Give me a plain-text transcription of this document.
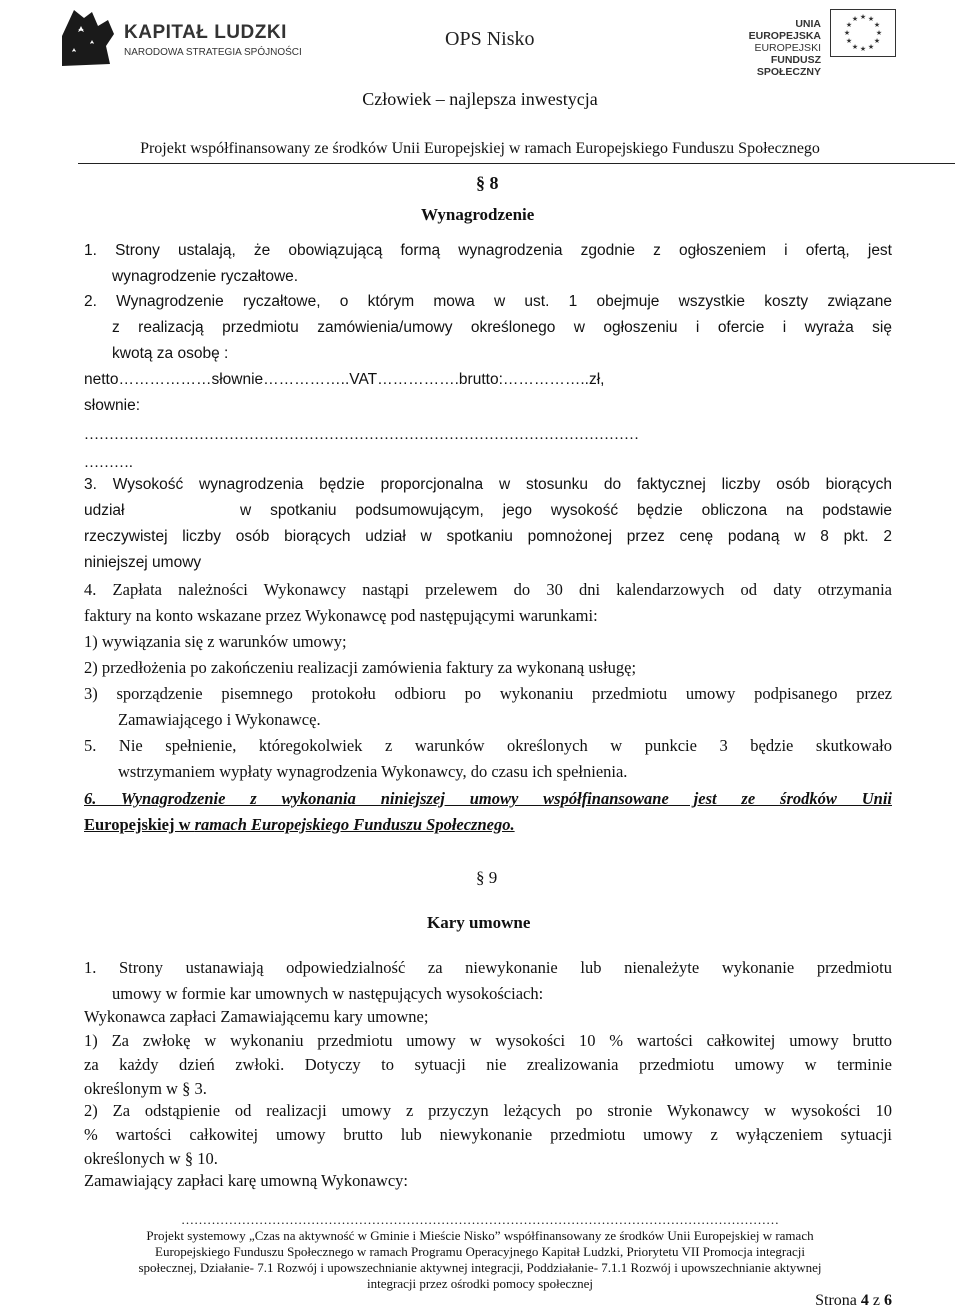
KAPITAŁ LUDZKI
NARODOWA STRATEGIA SPÓJNOŚCI
OPS Nisko
UNIA EUROPEJSKA
EUROPEJSKI
FUNDUSZ SPOŁECZNY
★ ★
★
★
★
★
★
★
★
★
★
★
Człowiek – najlepsza inwestycja
Projekt współfinansowany ze środków Unii Europejskiej w ramach Europejskiego Funduszu Społecznego
§ 8
Wynagrodzenie
1. Strony ustalają, że obowiązującą formą wynagrodzenia zgodnie z ogłoszeniem i ofertą, jest
wynagrodzenie ryczałtowe.
2. Wynagrodzenie ryczałtowe, o którym mowa w ust. 1 obejmuje wszystkie koszty związane
z realizacją przedmiotu zamówienia/umowy określonego w ogłoszeniu i ofercie i wyraża się
kwotą za osobę :
netto………………słownie……………..VAT…………….brutto:……………..zł,
słownie:
…………………………………………………………………………………………………
……….
3. Wysokość wynagrodzenia będzie proporcjonalna w stosunku do faktycznej liczby osób biorących
udział	w spotkaniu podsumowującym, jego wysokość będzie obliczona na podstawie
rzeczywistej liczby osób biorących udział w spotkaniu pomnożonej przez cenę podaną w 8 pkt. 2
niniejszej umowy
4. Zapłata należności Wykonawcy nastąpi przelewem do 30 dni kalendarzowych od daty otrzymania
faktury na konto wskazane przez Wykonawcę pod następującymi warunkami:
1) wywiązania się z warunków umowy;
2) przedłożenia po zakończeniu realizacji zamówienia faktury za wykonaną usługę;
3) sporządzenie pisemnego protokołu odbioru po wykonaniu przedmiotu umowy podpisanego przez
Zamawiającego i Wykonawcę.
5. Nie spełnienie, któregokolwiek z warunków określonych w punkcie 3 będzie skutkowało
wstrzymaniem wypłaty wynagrodzenia Wykonawcy, do czasu ich spełnienia.
6. Wynagrodzenie z wykonania niniejszej umowy współfinansowane jest ze środków Unii
Europejskiej w ramach Europejskiego Funduszu Społecznego.
§ 9
Kary umowne
1. Strony ustanawiają odpowiedzialność za niewykonanie lub nienależyte wykonanie przedmiotu
umowy w formie kar umownych w następujących wysokościach:
Wykonawca zapłaci Zamawiającemu kary umowne;
1) Za zwłokę w wykonaniu przedmiotu umowy w wysokości 10 % wartości całkowitej umowy brutto
za każdy dzień zwłoki. Dotyczy to sytuacji nie zrealizowania przedmiotu umowy w terminie
określonym w § 3.
2) Za odstąpienie od realizacji umowy z przyczyn leżących po stronie Wykonawcy w wysokości 10
% wartości całkowitej umowy brutto lub niewykonanie przedmiotu umowy z wyłączeniem sytuacji
określonych w § 10.
Zamawiający zapłaci karę umowną Wykonawcy:
…………………………………………………………………………………………………………………………
Projekt systemowy „Czas na aktywność w Gminie i Mieście Nisko” współfinansowany ze środków Unii Europejskiej w ramach
Europejskiego Funduszu Społecznego w ramach Programu Operacyjnego Kapitał Ludzki, Priorytetu VII Promocja integracji
społecznej, Działanie- 7.1 Rozwój i upowszechnianie aktywnej integracji, Poddziałanie- 7.1.1 Rozwój i upowszechnianie aktywnej
integracji przez ośrodki pomocy społecznej
Strona 4 z 6
